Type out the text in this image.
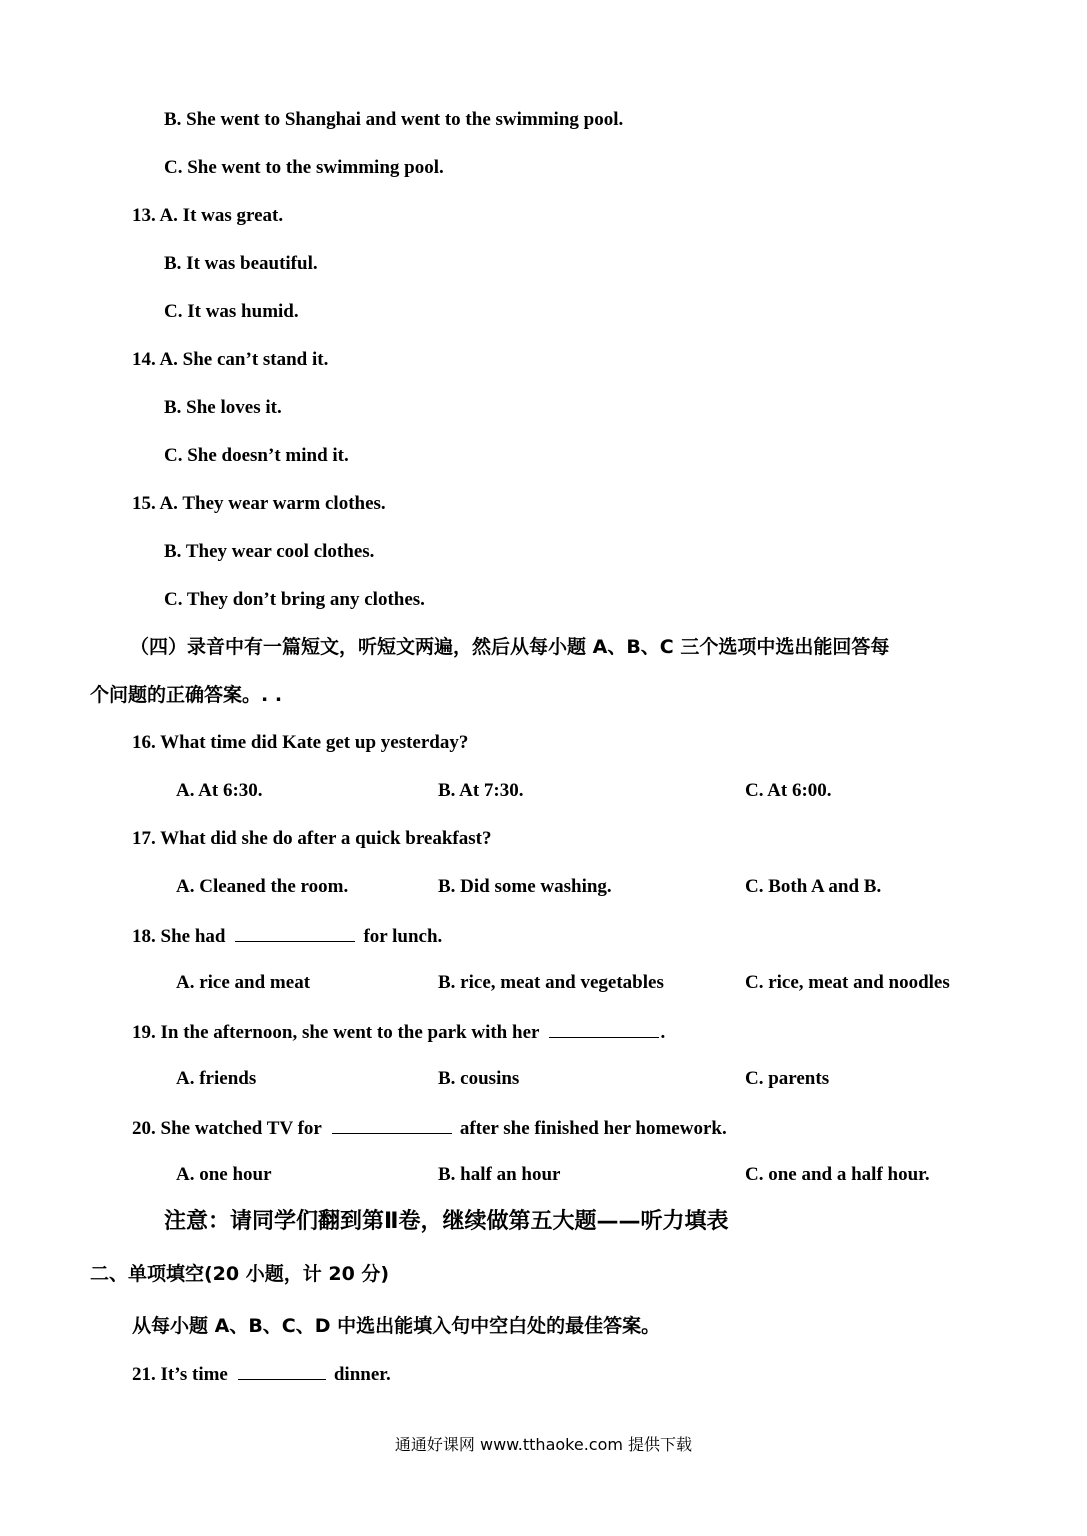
B. She went to Shanghai and went to the swimming pool.
C. She went to the swimming pool.
13. A. It was great.
B. It was beautiful.
C. It was humid.
14. A. She can’t stand it.
B. She loves it.
C. She doesn’t mind it.
15. A. They wear warm clothes.
B. They wear cool clothes.
C. They don’t bring any clothes.
（四）录音中有一篇短文，听短文两遍，然后从每小题 A、B、C 三个选项中选出能回答每
个问题的正确答案。. .
16. What time did Kate get up yesterday?
A. At 6:30.	B. At 7:30.	C. At 6:00.
17. What did she do after a quick breakfast?
A. Cleaned the room.	B. Did some washing.	C. Both A and B.
18. She had	for lunch.
A. rice and meat	B. rice, meat and vegetables	C. rice, meat and noodles
19. In the afternoon, she went to the park with her	.
A. friends	B. cousins	C. parents
20. She watched TV for	after she finished her homework.
A. one hour	B. half an hour	C. one and a half hour.
注意：请同学们翻到第Ⅱ卷，继续做第五大题——听力填表
二、单项填空(20 小题，计 20 分)
从每小题 A、B、C、D 中选出能填入句中空白处的最佳答案。
21. It’s time	dinner.
通通好课网 www.tthaoke.com 提供下载
